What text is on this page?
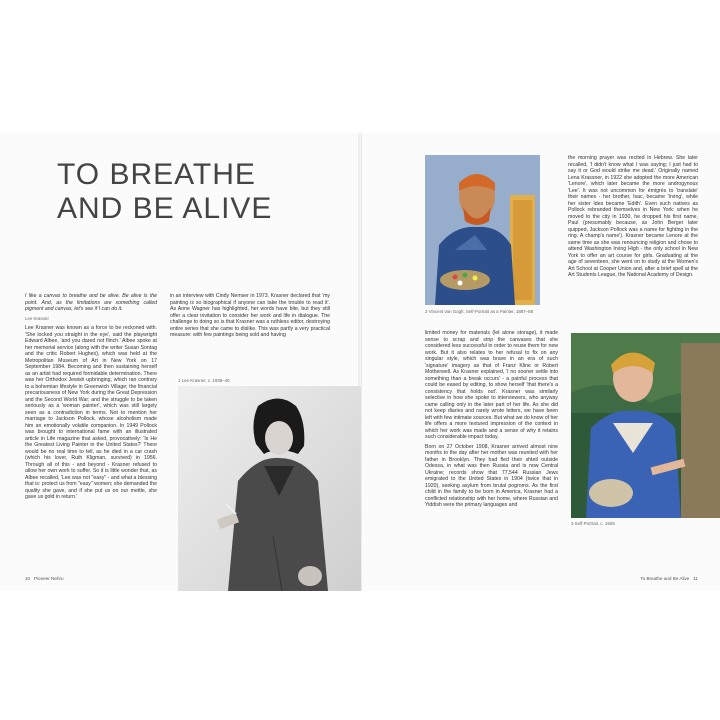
TO BREATHE
AND BE ALIVE

I like a canvas to breathe and be alive. Be alive is the point. And, as the limitations are something called pigment and canvas, let's see if I can do it.

Lee Krasner

Lee Krasner was known as a force to be reckoned with. 'She locked you straight in the eye', said the playwright Edward Albee, 'and you dared not flinch.' Albee spoke at her memorial service (along with the writer Susan Sontag and the critic Robert Hughes), which was held at the Metropolitan Museum of Art in New York on 17 September 1984. Becoming and then sustaining herself as an artist had required formidable determination. There was her Orthodox Jewish upbringing, which ran contrary to a bohemian lifestyle in Greenwich Village; the financial precariousness of New York during the Great Depression and the Second World War; and the struggle to be taken seriously as a 'woman painter', which was still largely seen as a contradiction in terms. Not to mention her marriage to Jackson Pollock, whose alcoholism made him an emotionally volatile companion. In 1949 Pollock was brought to international fame with an illustrated article in Life magazine that asked, provocatively: 'Is He the Greatest Living Painter in the United States?' There would be no real time to tell, as he died in a car crash (which his lover, Ruth Kligman, survived) in 1956. Through all of this - and beyond - Krasner refused to allow her own work to suffer. So it is little wonder that, as Albee recalled, 'Lee was not "easy" - and what a blessing that is: protect us from "easy" women; she demanded the quality she gave, and if she put us on our mettle, she gave us gold in return.'

in an interview with Cindy Nemser in 1973. Krasner declared that 'my painting is so biographical if anyone can take the trouble to read it'. As Anne Wagner has highlighted, her words have bite, but they still offer a clear invitation to consider her work and life in dialogue. The challenge to doing so is that Krasner was a ruthless editor, destroying entire series that she came to dislike. This was partly a very practical measure: with few paintings being sold and having

1 Lee Krasner, c. 1938–40
2 Vincent van Gogh, Self-Portrait as a Painter, 1887–88

limited money for materials (let alone storage), it made sense to scrap and strip the canvases that she considered less successful in order to reuse them for new work. But it also relates to her refusal to fix on any singular style, which was brave in an era of such 'signature' imagery as that of Franz Kline or Robert Motherwell. As Krasner explained, 'I no sooner settle into something than a break occurs' - a painful process that could be eased by editing, to show herself 'that there's a consistency that holds out'. Krasner was similarly selective in how she spoke to interviewers, who anyway came calling only in the later part of her life. As she did not keep diaries and rarely wrote letters, we have been left with few intimate sources. But what we do know of her life offers a more textured impression of the context in which her work was made and a sense of why it retains such considerable impact today.

Born on 27 October 1908, Krasner arrived almost nine months to the day after her mother was reunited with her father in Brooklyn. They had fled their shtetl outside Odessa, in what was then Russia and is now Central Ukraine; records show that 77,544 Russian Jews emigrated to the United States in 1904 (twice that in 1920), seeking asylum from brutal pogroms. As the first child in the family to be born in America, Krasner had a conflicted relationship with her home, where Russian and Yiddish were the primary languages and

the morning prayer was recited in Hebrew. She later recalled, 'I didn't know what I was saying; I just had to say it or God would strike me dead.' Originally named Lena Krassner, in 1922 she adopted the more American 'Lenore', which later became the more androgynous 'Lee'. It was not uncommon for émigrés to 'translate' their names - her brother, Isac, became 'Irving', while her sister Ides became 'Edith'. Even such natives as Pollock rebranded themselves in New York: when he moved to the city in 1930, he dropped his first name, Paul (presumably because, as John Berger later quipped, Jackson Pollock was a name for fighting in the ring. A champ's name'). Krasner became Lenore at the same time as she was renouncing religion and chose to attend Washington Irving High - the only school in New York to offer an art course for girls. Graduating at the age of seventeen, she went on to study at the Women's Art School at Cooper Union and, after a brief spell at the Art Students League, the National Academy of Design.

3 Self-Portrait, c. 1928
10 Pioneer Nehru	To Breathe and Be Alive 11
